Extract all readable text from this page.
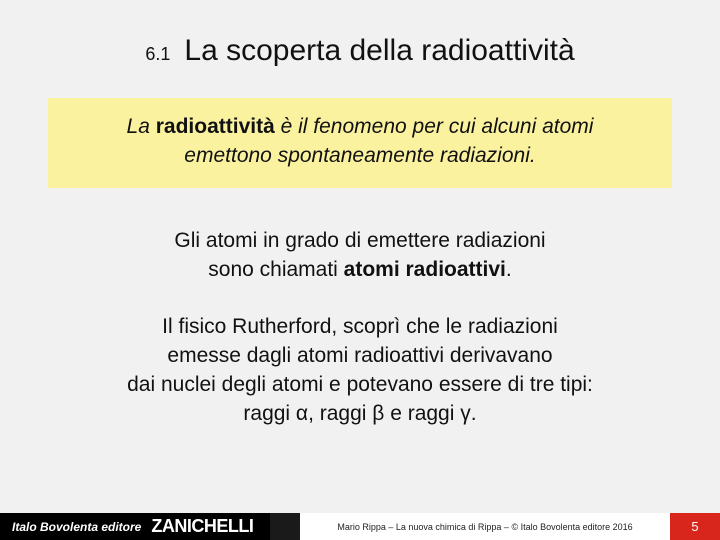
6.1 La scoperta della radioattività
La radioattività è il fenomeno per cui alcuni atomi
emettono spontaneamente radiazioni.
Gli atomi in grado di emettere radiazioni
sono chiamati atomi radioattivi.
Il fisico Rutherford, scoprì che le radiazioni
emesse dagli atomi radioattivi derivavano
dai nuclei degli atomi e potevano essere di tre tipi:
raggi α, raggi β e raggi γ.
Italo Bovolenta editore ZANICHELLI	Mario Rippa – La nuova chimica di Rippa – © Italo Bovolenta editore 2016	5
